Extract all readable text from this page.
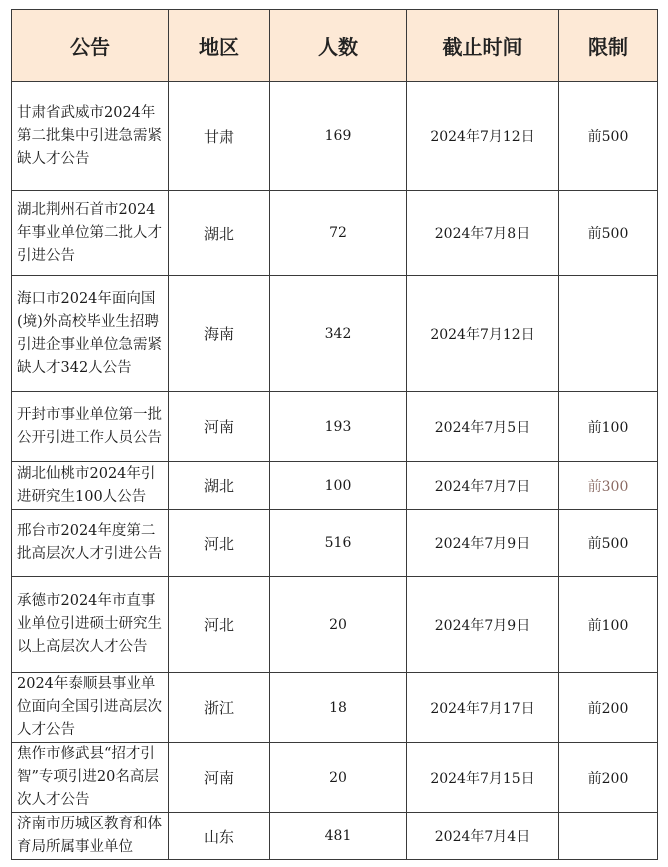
公告	地区	人数	截止时间	限制
甘肃省武威市2024年第二批集中引进急需紧缺人才公告	甘肃	169	2024年7月12日	前500
湖北荆州石首市2024年事业单位第二批人才引进公告	湖北	72	2024年7月8日	前500
海口市2024年面向国(境)外高校毕业生招聘引进企事业单位急需紧缺人才342人公告	海南	342	2024年7月12日	
开封市事业单位第一批公开引进工作人员公告	河南	193	2024年7月5日	前100
湖北仙桃市2024年引进研究生100人公告	湖北	100	2024年7月7日	前300
邢台市2024年度第二批高层次人才引进公告	河北	516	2024年7月9日	前500
承德市2024年市直事业单位引进硕士研究生以上高层次人才公告	河北	20	2024年7月9日	前100
2024年泰顺县事业单位面向全国引进高层次人才公告	浙江	18	2024年7月17日	前200
焦作市修武县“招才引智”专项引进20名高层次人才公告	河南	20	2024年7月15日	前200
济南市历城区教育和体育局所属事业单位	山东	481	2024年7月4日	
